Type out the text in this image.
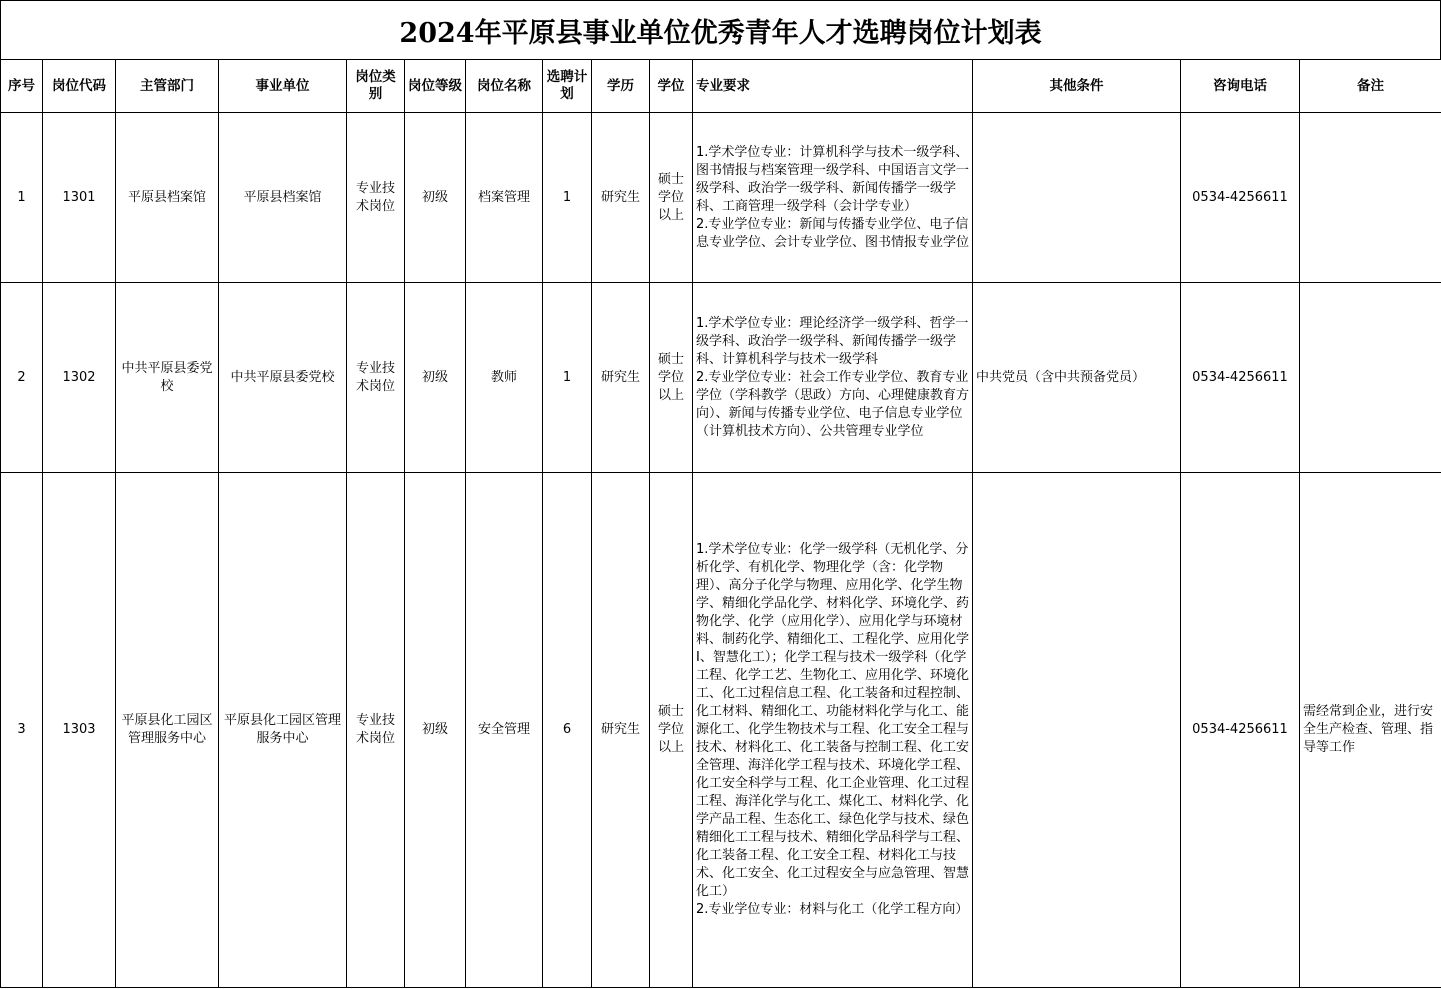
2024年平原县事业单位优秀青年人才选聘岗位计划表
序号	岗位代码	主管部门	事业单位	岗位类别	岗位等级	岗位名称	选聘计划	学历	学位	专业要求	其他条件	咨询电话	备注
1	1301	平原县档案馆	平原县档案馆	专业技术岗位	初级	档案管理	1	研究生	硕士学位以上	1.学术学位专业：计算机科学与技术一级学科、图书情报与档案管理一级学科、中国语言文学一级学科、政治学一级学科、新闻传播学一级学科、工商管理一级学科（会计学专业）
2.专业学位专业：新闻与传播专业学位、电子信息专业学位、会计专业学位、图书情报专业学位		0534-4256611	
2	1302	中共平原县委党校	中共平原县委党校	专业技术岗位	初级	教师	1	研究生	硕士学位以上	1.学术学位专业：理论经济学一级学科、哲学一级学科、政治学一级学科、新闻传播学一级学科、计算机科学与技术一级学科
2.专业学位专业：社会工作专业学位、教育专业学位（学科教学（思政）方向、心理健康教育方向）、新闻与传播专业学位、电子信息专业学位（计算机技术方向）、公共管理专业学位	中共党员（含中共预备党员）	0534-4256611	
3	1303	平原县化工园区管理服务中心	平原县化工园区管理服务中心	专业技术岗位	初级	安全管理	6	研究生	硕士学位以上	1.学术学位专业：化学一级学科（无机化学、分析化学、有机化学、物理化学（含：化学物理）、高分子化学与物理、应用化学、化学生物学、精细化学品化学、材料化学、环境化学、药物化学、化学（应用化学）、应用化学与环境材料、制药化学、精细化工、工程化学、应用化学Ⅰ、智慧化工）；化学工程与技术一级学科（化学工程、化学工艺、生物化工、应用化学、环境化工、化工过程信息工程、化工装备和过程控制、化工材料、精细化工、功能材料化学与化工、能源化工、化学生物技术与工程、化工安全工程与技术、材料化工、化工装备与控制工程、化工安全管理、海洋化学工程与技术、环境化学工程、化工安全科学与工程、化工企业管理、化工过程工程、海洋化学与化工、煤化工、材料化学、化学产品工程、生态化工、绿色化学与技术、绿色精细化工工程与技术、精细化学品科学与工程、化工装备工程、化工安全工程、材料化工与技术、化工安全、化工过程安全与应急管理、智慧化工）
2.专业学位专业：材料与化工（化学工程方向）		0534-4256611	需经常到企业，进行安全生产检查、管理、指导等工作
